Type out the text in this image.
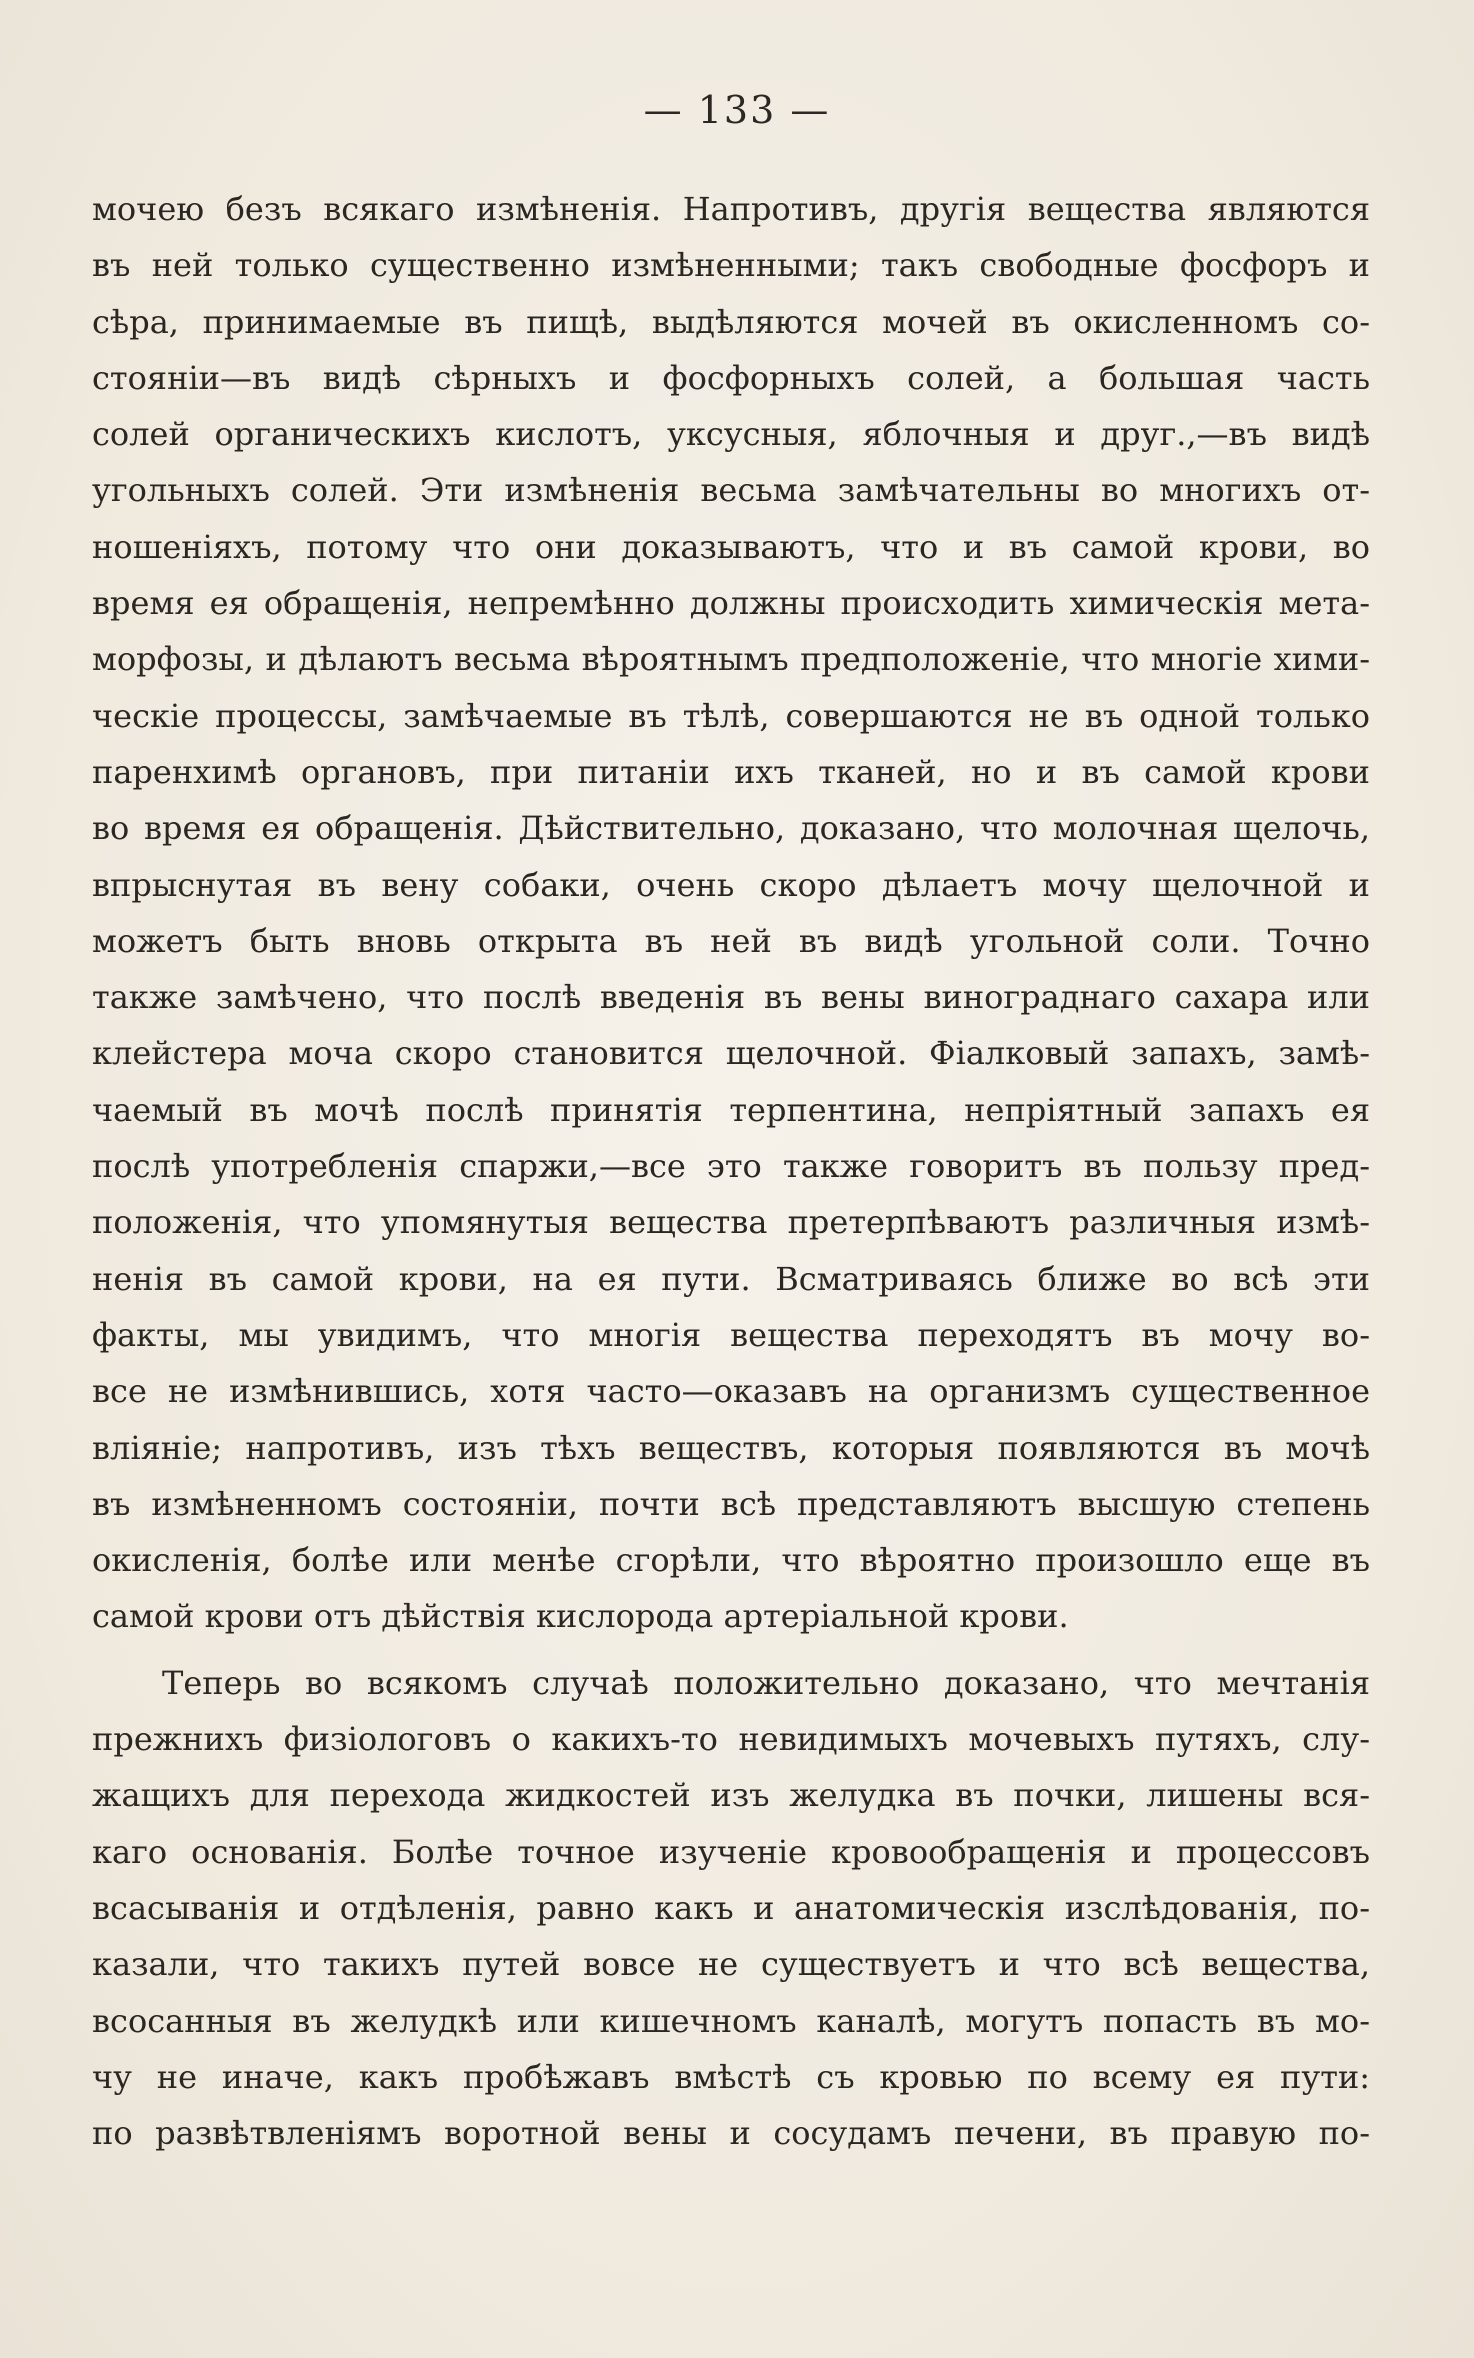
— 133 —
мочею безъ всякаго измѣненія. Напротивъ, другія вещества являются
въ ней только существенно измѣненными; такъ свободные фосфоръ и
сѣра, принимаемые въ пищѣ, выдѣляются мочей въ окисленномъ со-
стояніи—въ видѣ сѣрныхъ и фосфорныхъ солей, а большая часть
солей органическихъ кислотъ, уксусныя, яблочныя и друг.,—въ видѣ
угольныхъ солей. Эти измѣненія весьма замѣчательны во многихъ от-
ношеніяхъ, потому что они доказываютъ, что и въ самой крови, во
время ея обращенія, непремѣнно должны происходить химическія мета-
морфозы, и дѣлаютъ весьма вѣроятнымъ предположеніе, что многіе хими-
ческіе процессы, замѣчаемые въ тѣлѣ, совершаются не въ одной только
паренхимѣ органовъ, при питаніи ихъ тканей, но и въ самой крови
во время ея обращенія. Дѣйствительно, доказано, что молочная щелочь,
впрыснутая въ вену собаки, очень скоро дѣлаетъ мочу щелочной и
можетъ быть вновь открыта въ ней въ видѣ угольной соли. Точно
также замѣчено, что послѣ введенія въ вены винограднаго сахара или
клейстера моча скоро становится щелочной. Фіалковый запахъ, замѣ-
чаемый въ мочѣ послѣ принятія терпентина, непріятный запахъ ея
послѣ употребленія спаржи,—все это также говоритъ въ пользу пред-
положенія, что упомянутыя вещества претерпѣваютъ различныя измѣ-
ненія въ самой крови, на ея пути. Всматриваясь ближе во всѣ эти
факты, мы увидимъ, что многія вещества переходятъ въ мочу во-
все не измѣнившись, хотя часто—оказавъ на организмъ существенное
вліяніе; напротивъ, изъ тѣхъ веществъ, которыя появляются въ мочѣ
въ измѣненномъ состояніи, почти всѣ представляютъ высшую степень
окисленія, болѣе или менѣе сгорѣли, что вѣроятно произошло еще въ
самой крови отъ дѣйствія кислорода артеріальной крови.
Теперь во всякомъ случаѣ положительно доказано, что мечтанія
прежнихъ физіологовъ о какихъ-то невидимыхъ мочевыхъ путяхъ, слу-
жащихъ для перехода жидкостей изъ желудка въ почки, лишены вся-
каго основанія. Болѣе точное изученіе кровообращенія и процессовъ
всасыванія и отдѣленія, равно какъ и анатомическія изслѣдованія, по-
казали, что такихъ путей вовсе не существуетъ и что всѣ вещества,
всосанныя въ желудкѣ или кишечномъ каналѣ, могутъ попасть въ мо-
чу не иначе, какъ пробѣжавъ вмѣстѣ съ кровью по всему ея пути:
по развѣтвленіямъ воротной вены и сосудамъ печени, въ правую по-
